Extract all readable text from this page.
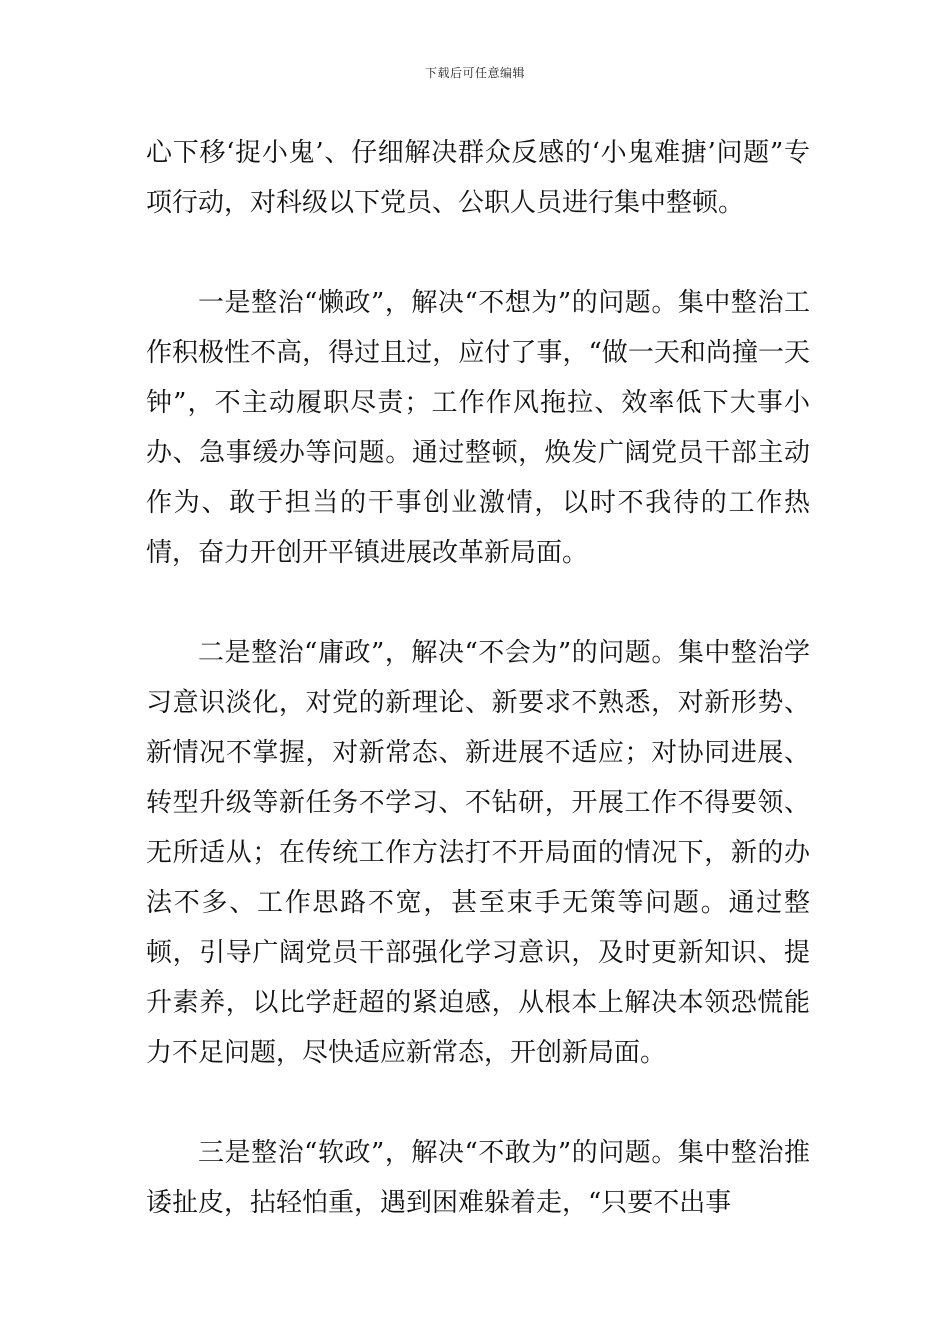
下载后可任意编辑

心下移‘捉小鬼’、仔细解决群众反感的‘小鬼难搪’问题”专项行动，对科级以下党员、公职人员进行集中整顿。

一是整治“懒政”，解决“不想为”的问题。集中整治工作积极性不高，得过且过，应付了事，“做一天和尚撞一天钟”，不主动履职尽责；工作作风拖拉、效率低下大事小办、急事缓办等问题。通过整顿，焕发广阔党员干部主动作为、敢于担当的干事创业激情，以时不我待的工作热情，奋力开创开平镇进展改革新局面。

二是整治“庸政”，解决“不会为”的问题。集中整治学习意识淡化，对党的新理论、新要求不熟悉，对新形势、新情况不掌握，对新常态、新进展不适应；对协同进展、转型升级等新任务不学习、不钻研，开展工作不得要领、无所适从；在传统工作方法打不开局面的情况下，新的办法不多、工作思路不宽，甚至束手无策等问题。通过整顿，引导广阔党员干部强化学习意识，及时更新知识、提升素养，以比学赶超的紧迫感，从根本上解决本领恐慌能力不足问题，尽快适应新常态，开创新局面。

三是整治“软政”，解决“不敢为”的问题。集中整治推诿扯皮，拈轻怕重，遇到困难躲着走，“只要不出事
